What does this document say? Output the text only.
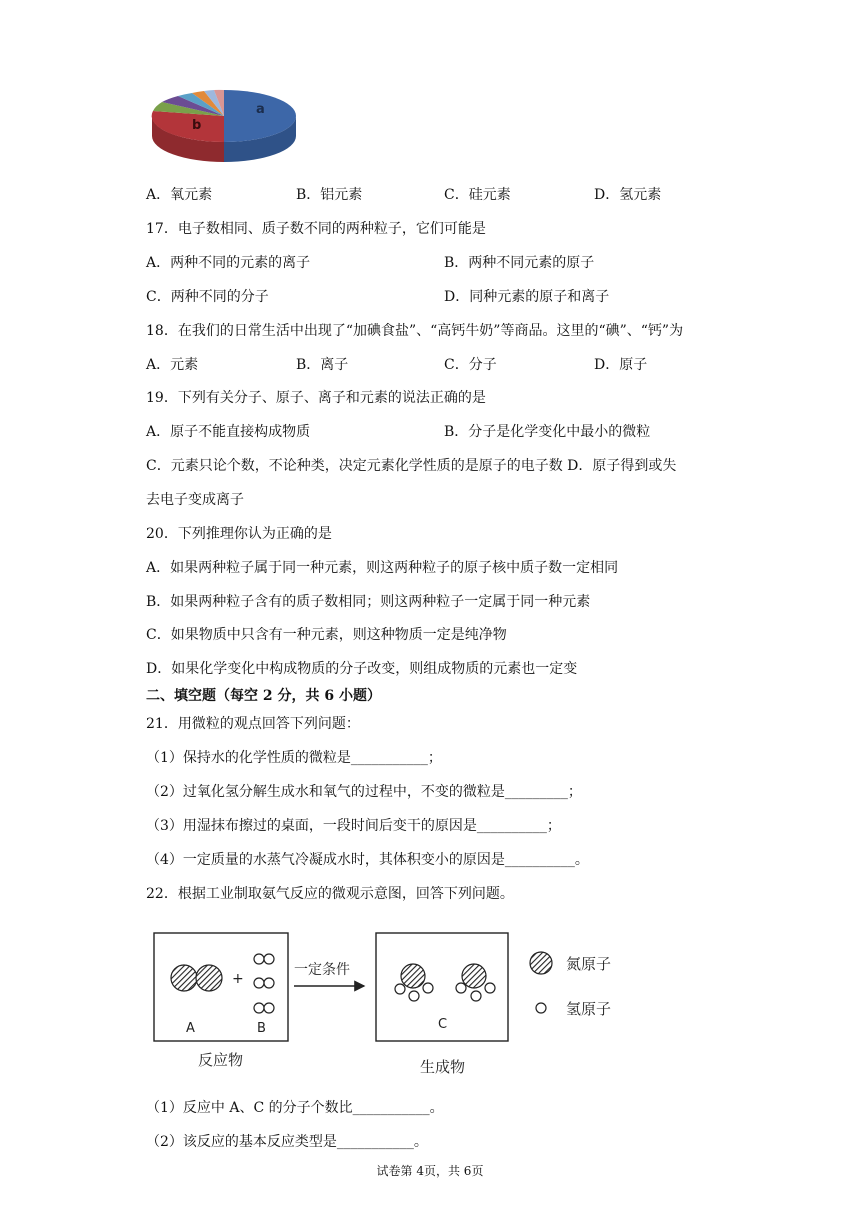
a
b
A．氧元素	B．铝元素	C．硅元素	D．氢元素
17．电子数相同、质子数不同的两种粒子，它们可能是
A．两种不同的元素的离子	B．两种不同元素的原子
C．两种不同的分子	D．同种元素的原子和离子
18．在我们的日常生活中出现了“加碘食盐”、“高钙牛奶”等商品。这里的“碘”、“钙”为
A．元素	B．离子	C．分子	D．原子
19．下列有关分子、原子、离子和元素的说法正确的是
A．原子不能直接构成物质	B．分子是化学变化中最小的微粒
C．元素只论个数，不论种类，决定元素化学性质的是原子的电子数 D．原子得到或失
去电子变成离子
20．下列推理你认为正确的是
A．如果两种粒子属于同一种元素，则这两种粒子的原子核中质子数一定相同
B．如果两种粒子含有的质子数相同；则这两种粒子一定属于同一种元素
C．如果物质中只含有一种元素，则这种物质一定是纯净物
D．如果化学变化中构成物质的分子改变，则组成物质的元素也一定变
二、填空题（每空 2 分，共 6 小题）
21．用微粒的观点回答下列问题：
（1）保持水的化学性质的微粒是___________；
（2）过氧化氢分解生成水和氧气的过程中，不变的微粒是_________；
（3）用湿抹布擦过的桌面，一段时间后变干的原因是__________；
（4）一定质量的水蒸气冷凝成水时，其体积变小的原因是__________。
22．根据工业制取氨气反应的微观示意图，回答下列问题。
+
A	B
一定条件
C
氮原子
氢原子
反应物	生成物
（1）反应中 A、C 的分子个数比___________。
（2）该反应的基本反应类型是___________。
试卷第 4页，共 6页
